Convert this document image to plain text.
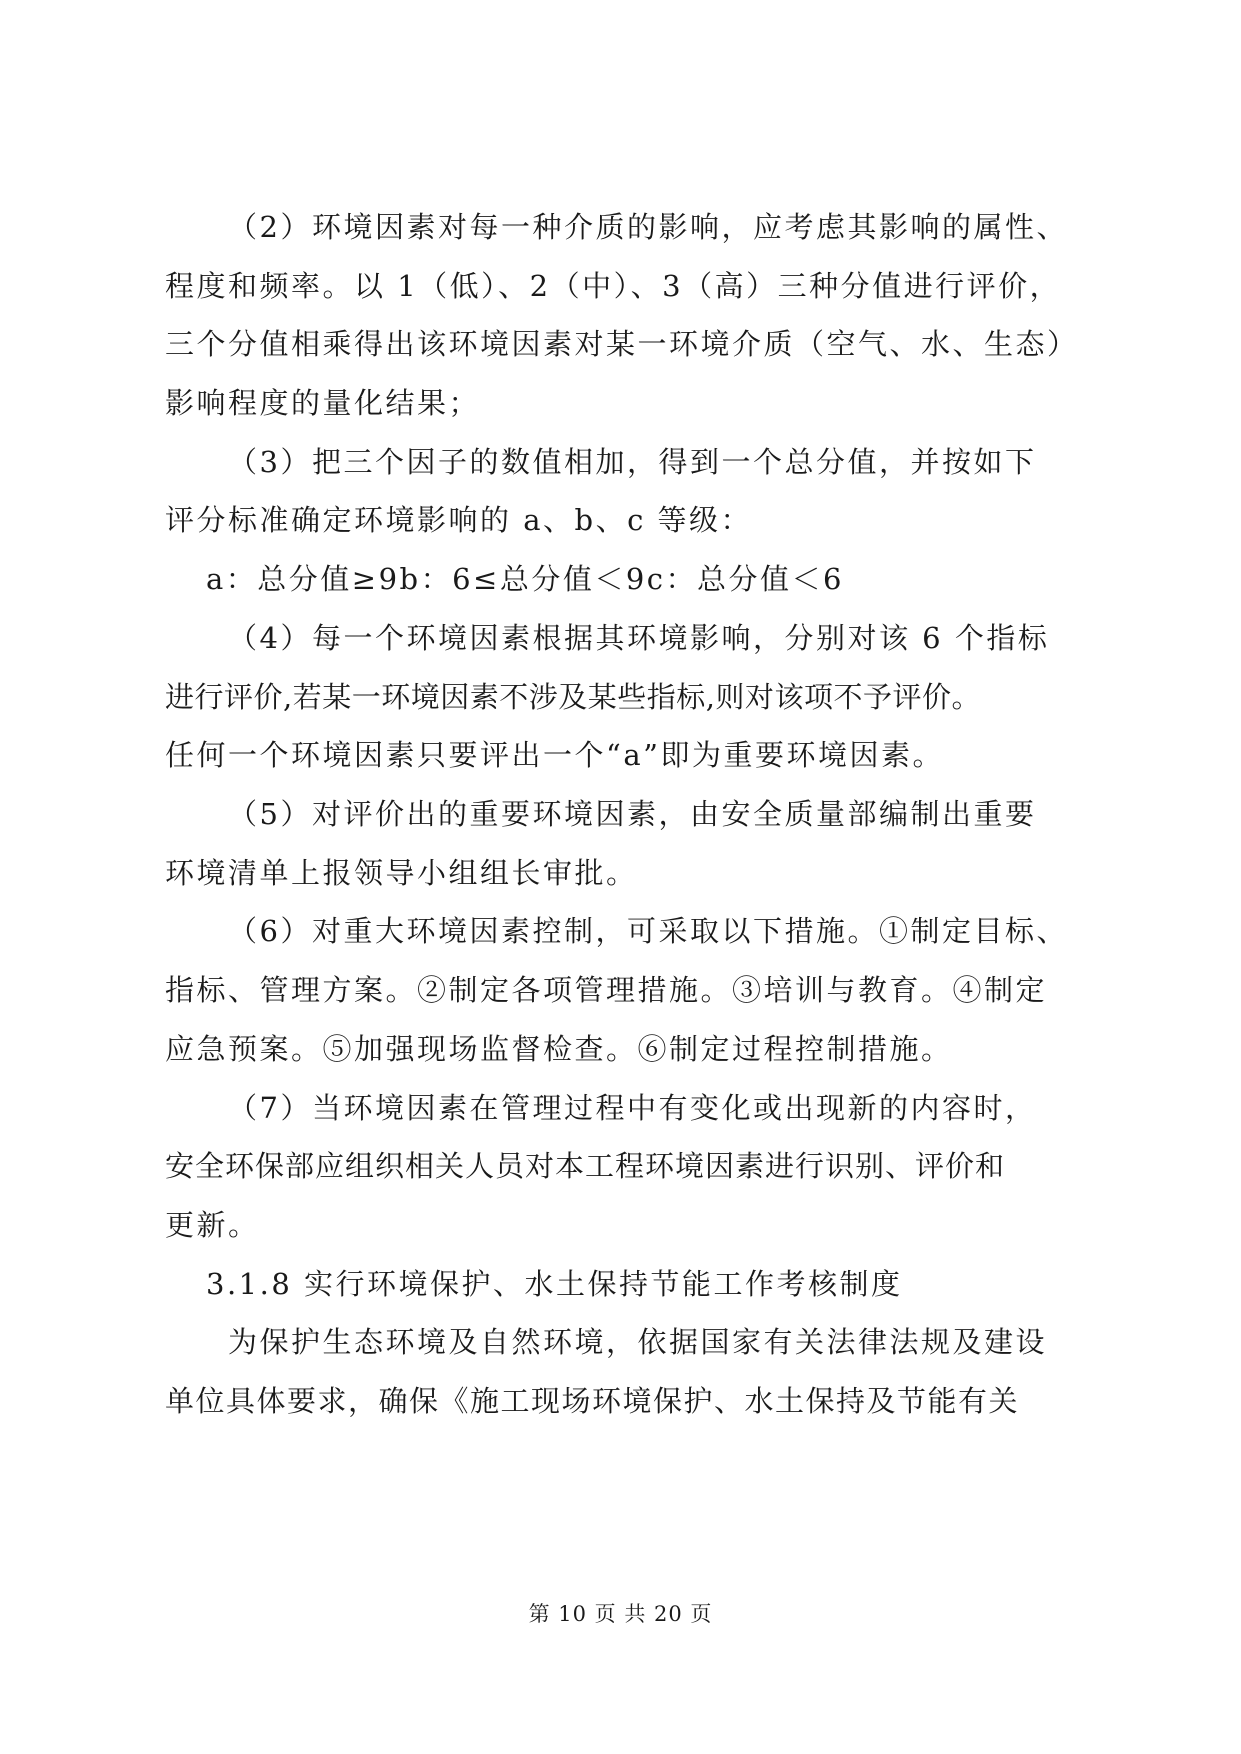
（2）环境因素对每一种介质的影响，应考虑其影响的属性、
程度和频率。以 1（低）、2（中）、3（高）三种分值进行评价，
三个分值相乘得出该环境因素对某一环境介质（空气、水、生态）
影响程度的量化结果；
（3）把三个因子的数值相加，得到一个总分值，并按如下
评分标准确定环境影响的 a、b、c 等级：
a：总分值≥9b：6≤总分值＜9c：总分值＜6
（4）每一个环境因素根据其环境影响，分别对该 6 个指标
进行评价,若某一环境因素不涉及某些指标,则对该项不予评价。
任何一个环境因素只要评出一个“a”即为重要环境因素。
（5）对评价出的重要环境因素，由安全质量部编制出重要
环境清单上报领导小组组长审批。
（6）对重大环境因素控制，可采取以下措施。①制定目标、
指标、管理方案。②制定各项管理措施。③培训与教育。④制定
应急预案。⑤加强现场监督检查。⑥制定过程控制措施。
（7）当环境因素在管理过程中有变化或出现新的内容时，
安全环保部应组织相关人员对本工程环境因素进行识别、评价和
更新。
3.1.8 实行环境保护、水土保持节能工作考核制度
为保护生态环境及自然环境，依据国家有关法律法规及建设
单位具体要求，确保《施工现场环境保护、水土保持及节能有关
第 10 页 共 20 页
